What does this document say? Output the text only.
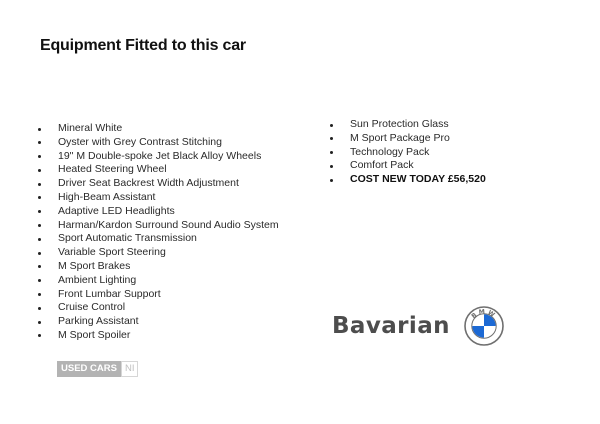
Equipment Fitted to this car
Mineral White
Oyster with Grey Contrast Stitching
19" M Double-spoke Jet Black Alloy Wheels
Heated Steering Wheel
Driver Seat Backrest Width Adjustment
High-Beam Assistant
Adaptive LED Headlights
Harman/Kardon Surround Sound Audio System
Sport Automatic Transmission
Variable Sport Steering
M Sport Brakes
Ambient Lighting
Front Lumbar Support
Cruise Control
Parking Assistant
M Sport Spoiler
Sun Protection Glass
M Sport Package Pro
Technology Pack
Comfort Pack
COST NEW TODAY £56,520
Bavarian	BMW
USED CARS NI
